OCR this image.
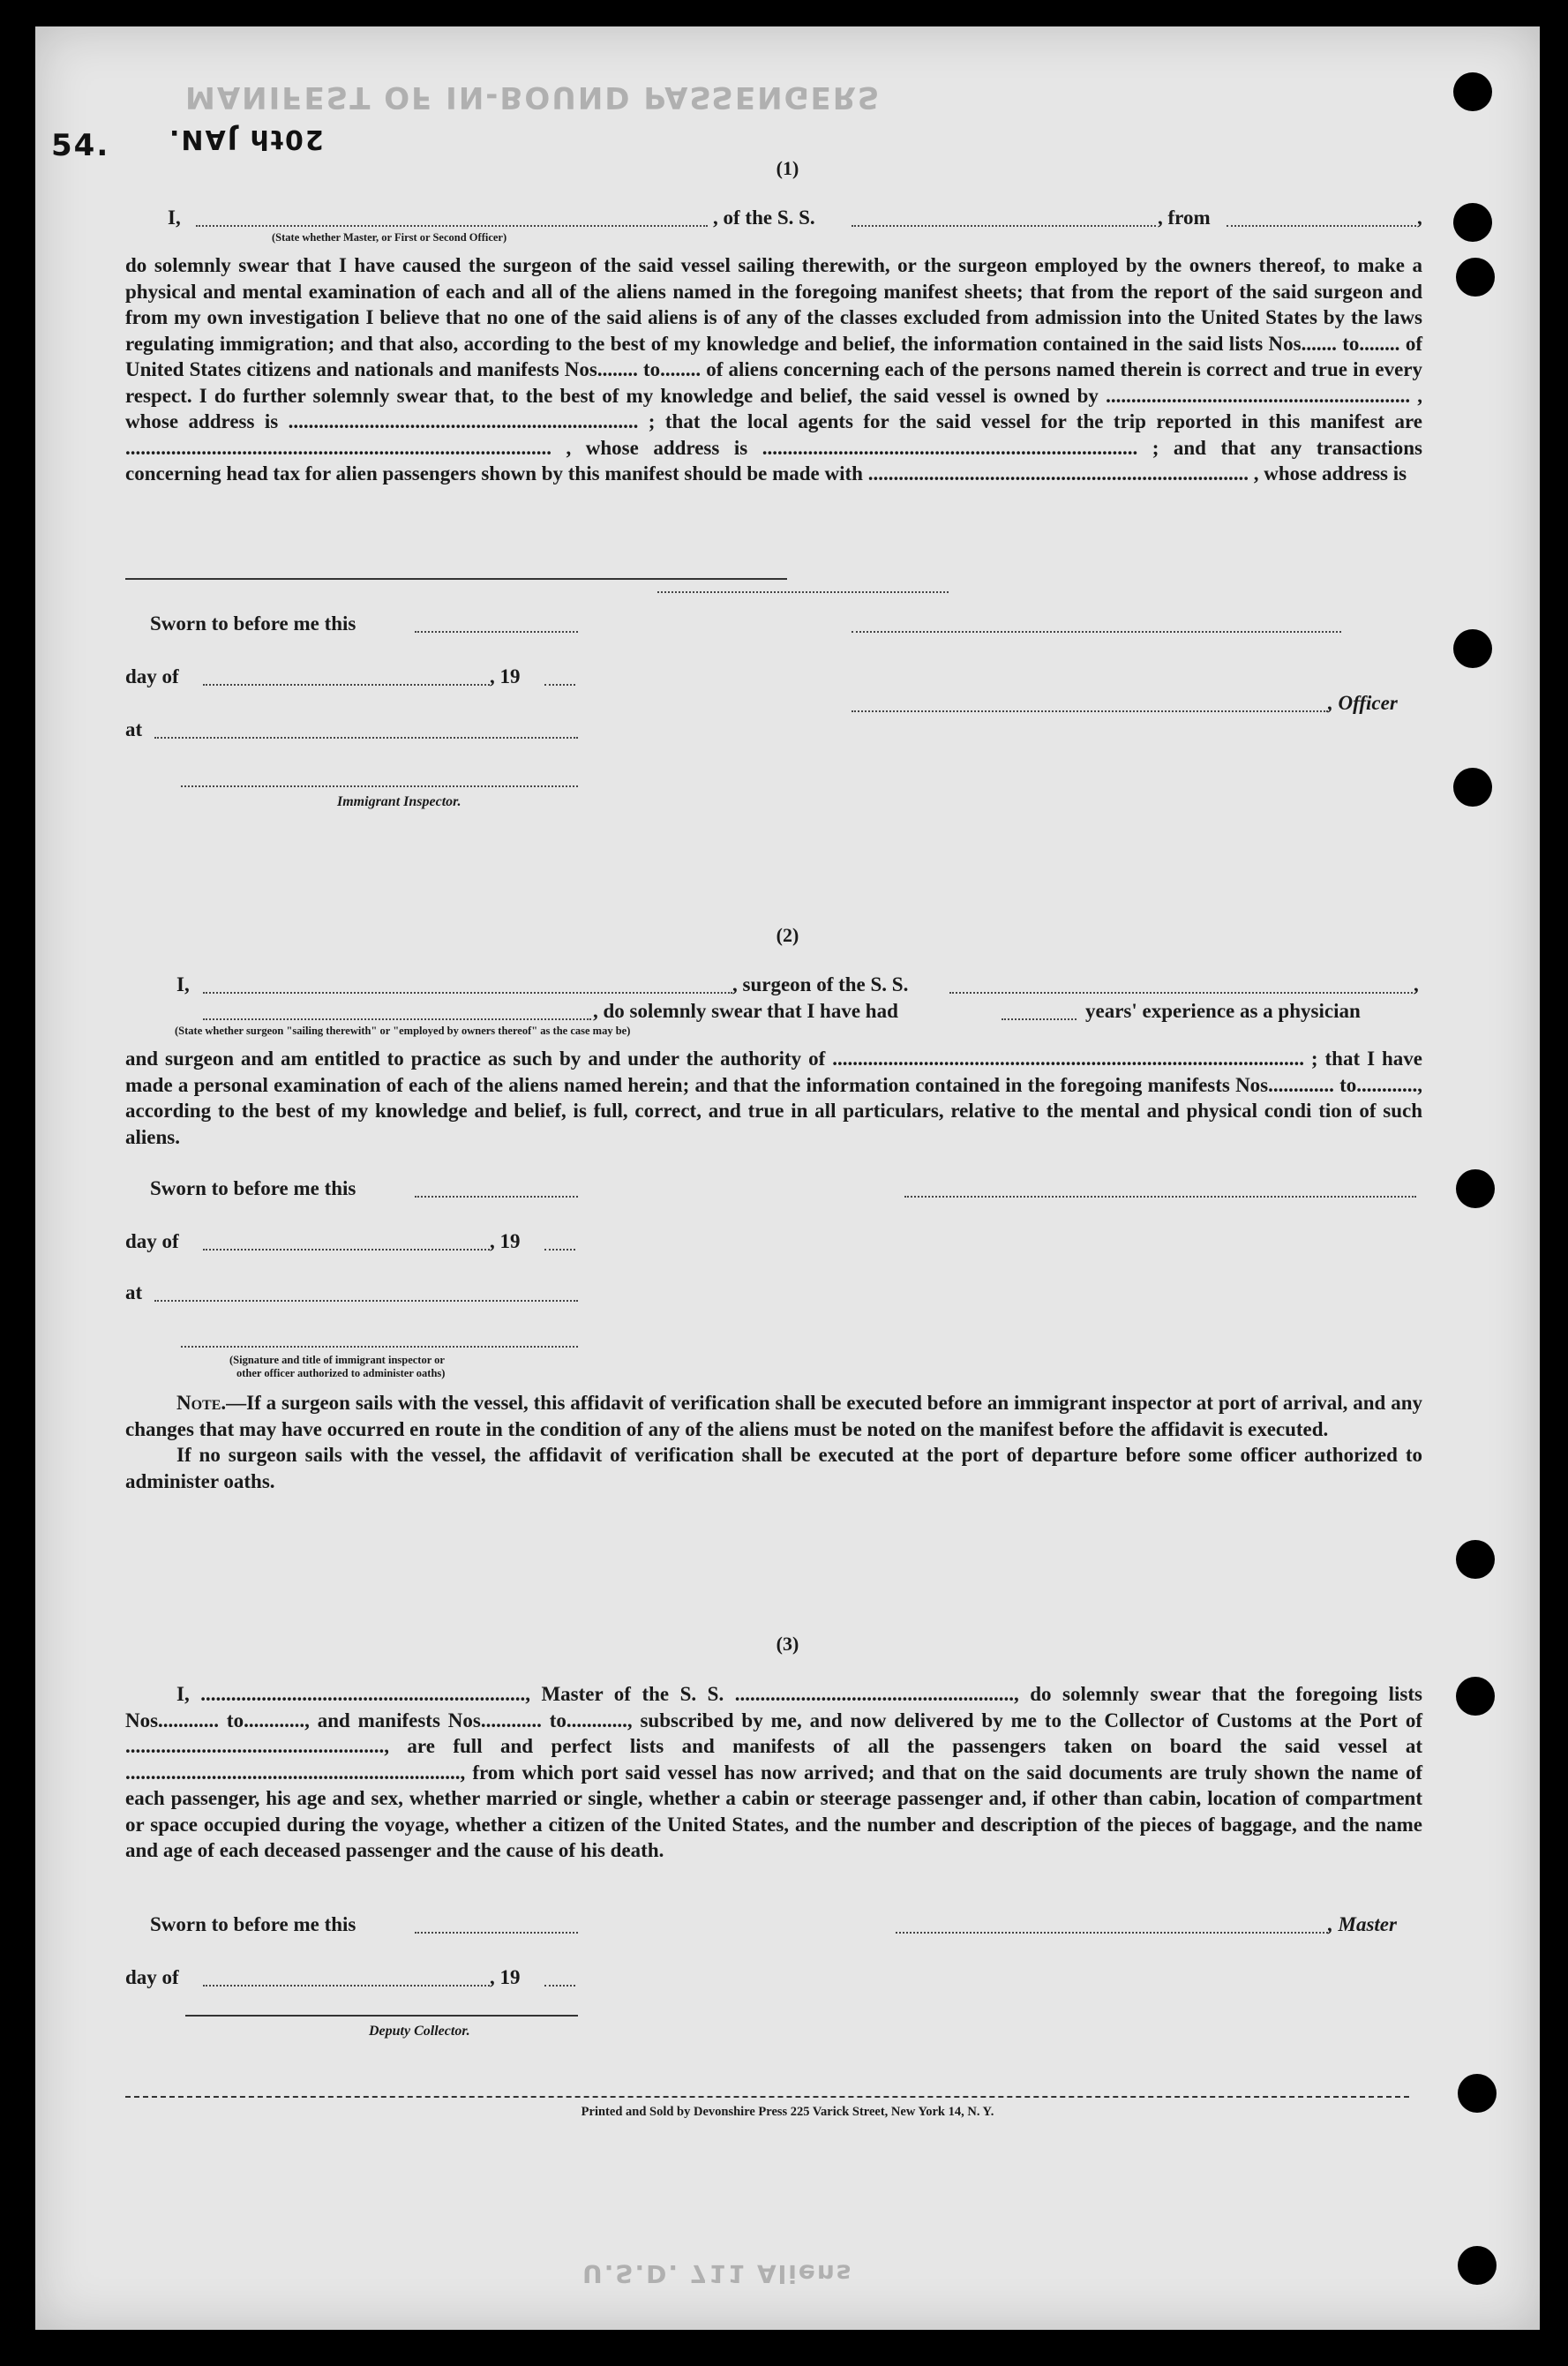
MANIFEST OF IN-BOUND PASSENGERS
54. 20th JAN.
(1)
I,	, of the S. S.	, from	,
(State whether Master, or First or Second Officer)

do solemnly swear that I have caused the surgeon of the said vessel sailing therewith, or the surgeon employed by the owners thereof, to make a physical and mental examination of each and all of the aliens named in the foregoing manifest sheets; that from the report of the said surgeon and from my own investigation I believe that no one of the said aliens is of any of the classes excluded from admission into the United States by the laws regulating immigration; and that also, according to the best of my knowledge and belief, the information contained in the said lists Nos....... to........ of United States citizens and nationals and manifests Nos........ to........ of aliens concerning each of the persons named therein is correct and true in every respect. I do further solemnly swear that, to the best of my knowledge and belief, the said vessel is owned by ............................................................ , whose address is ..................................................................... ; that the local agents for the said vessel for the trip reported in this manifest are .................................................................................... , whose address is .......................................................................... ; and that any transactions concerning head tax for alien passengers shown by this manifest should be made with ........................................................................... , whose address is

Sworn to before me this
day of	, 19
, Officer
at
Immigrant Inspector.
(2)
I,	, surgeon of the S. S.	,
, do solemnly swear that I have had	years' experience as a physician
(State whether surgeon "sailing therewith" or "employed by owners thereof" as the case may be)

and surgeon and am entitled to practice as such by and under the authority of ............................................................................................. ; that I have made a personal examination of each of the aliens named herein; and that the information contained in the foregoing manifests Nos............. to............, according to the best of my knowledge and belief, is full, correct, and true in all particulars, relative to the mental and physical condi tion of such aliens.

Sworn to before me this
day of	, 19
at
(Signature and title of immigrant inspector or
other officer authorized to administer oaths)

Note.—If a surgeon sails with the vessel, this affidavit of verification shall be executed before an immigrant inspector at port of arrival, and any changes that may have occurred en route in the condition of any of the aliens must be noted on the manifest before the affidavit is executed.

If no surgeon sails with the vessel, the affidavit of verification shall be executed at the port of departure before some officer authorized to administer oaths.

(3)

I, ................................................................, Master of the S. S. ......................................................., do solemnly swear that the foregoing lists Nos............ to............, and manifests Nos............ to............, subscribed by me, and now delivered by me to the Collector of Customs at the Port of ..................................................., are full and perfect lists and manifests of all the passengers taken on board the said vessel at .................................................................., from which port said vessel has now arrived; and that on the said documents are truly shown the name of each passenger, his age and sex, whether married or single, whether a cabin or steerage passenger and, if other than cabin, location of compartment or space occupied during the voyage, whether a citizen of the United States, and the number and description of the pieces of baggage, and the name and age of each deceased passenger and the cause of his death.

Sworn to before me this	, Master
day of	, 19
Deputy Collector.
Printed and Sold by Devonshire Press 225 Varick Street, New York 14, N. Y.
U.S.D. 711 Aliens
